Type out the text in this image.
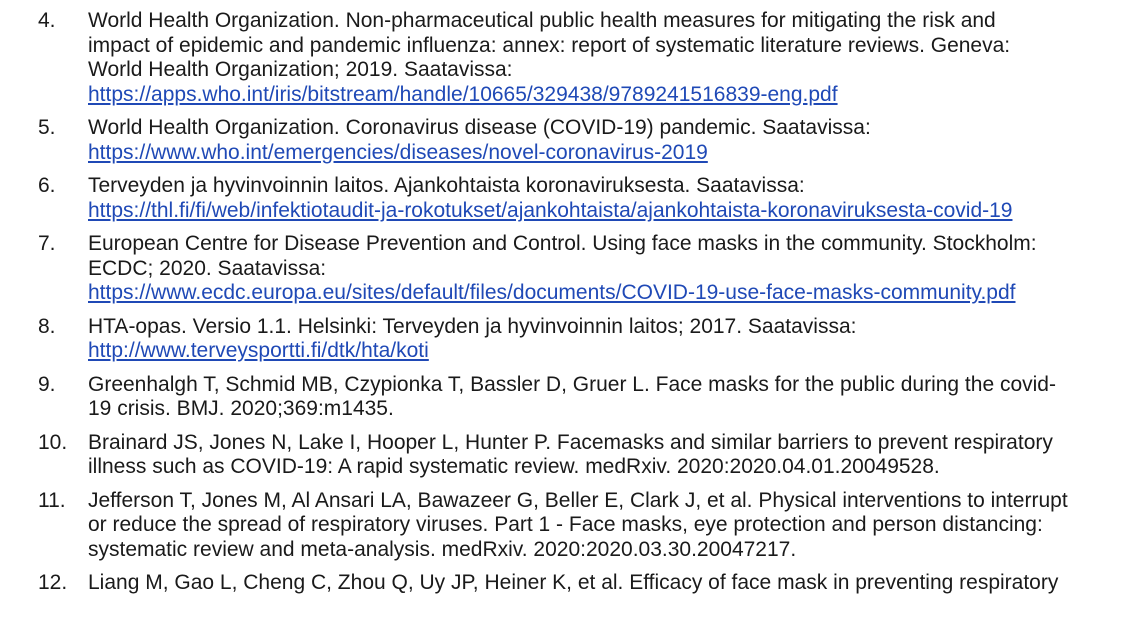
4. World Health Organization. Non-pharmaceutical public health measures for mitigating the risk and
impact of epidemic and pandemic influenza: annex: report of systematic literature reviews. Geneva:
World Health Organization; 2019. Saatavissa:
https://apps.who.int/iris/bitstream/handle/10665/329438/9789241516839-eng.pdf
5. World Health Organization. Coronavirus disease (COVID-19) pandemic. Saatavissa:
https://www.who.int/emergencies/diseases/novel-coronavirus-2019
6. Terveyden ja hyvinvoinnin laitos. Ajankohtaista koronaviruksesta. Saatavissa:
https://thl.fi/fi/web/infektiotaudit-ja-rokotukset/ajankohtaista/ajankohtaista-koronaviruksesta-covid-19
7. European Centre for Disease Prevention and Control. Using face masks in the community. Stockholm:
ECDC; 2020. Saatavissa:
https://www.ecdc.europa.eu/sites/default/files/documents/COVID-19-use-face-masks-community.pdf
8. HTA-opas. Versio 1.1. Helsinki: Terveyden ja hyvinvoinnin laitos; 2017. Saatavissa:
http://www.terveysportti.fi/dtk/hta/koti
9. Greenhalgh T, Schmid MB, Czypionka T, Bassler D, Gruer L. Face masks for the public during the covid-
19 crisis. BMJ. 2020;369:m1435.
10. Brainard JS, Jones N, Lake I, Hooper L, Hunter P. Facemasks and similar barriers to prevent respiratory
illness such as COVID-19: A rapid systematic review. medRxiv. 2020:2020.04.01.20049528.
11. Jefferson T, Jones M, Al Ansari LA, Bawazeer G, Beller E, Clark J, et al. Physical interventions to interrupt
or reduce the spread of respiratory viruses. Part 1 - Face masks, eye protection and person distancing:
systematic review and meta-analysis. medRxiv. 2020:2020.03.30.20047217.
12. Liang M, Gao L, Cheng C, Zhou Q, Uy JP, Heiner K, et al. Efficacy of face mask in preventing respiratory
